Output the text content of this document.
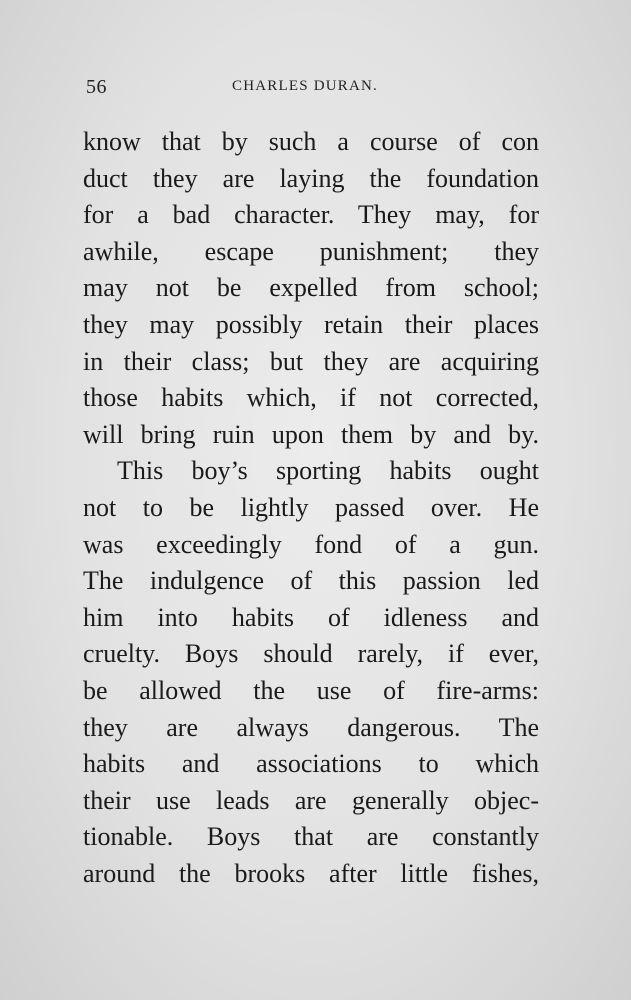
56	CHARLES DURAN.
know that by such a course of con
duct they are laying the foundation
for a bad character. They may, for
awhile, escape punishment; they
may not be expelled from school;
they may possibly retain their places
in their class; but they are acquiring
those habits which, if not corrected,
will bring ruin upon them by and by.
This boy’s sporting habits ought
not to be lightly passed over. He
was exceedingly fond of a gun.
The indulgence of this passion led
him into habits of idleness and
cruelty. Boys should rarely, if ever,
be allowed the use of fire-arms:
they are always dangerous. The
habits and associations to which
their use leads are generally objec-
tionable. Boys that are constantly
around the brooks after little fishes,
